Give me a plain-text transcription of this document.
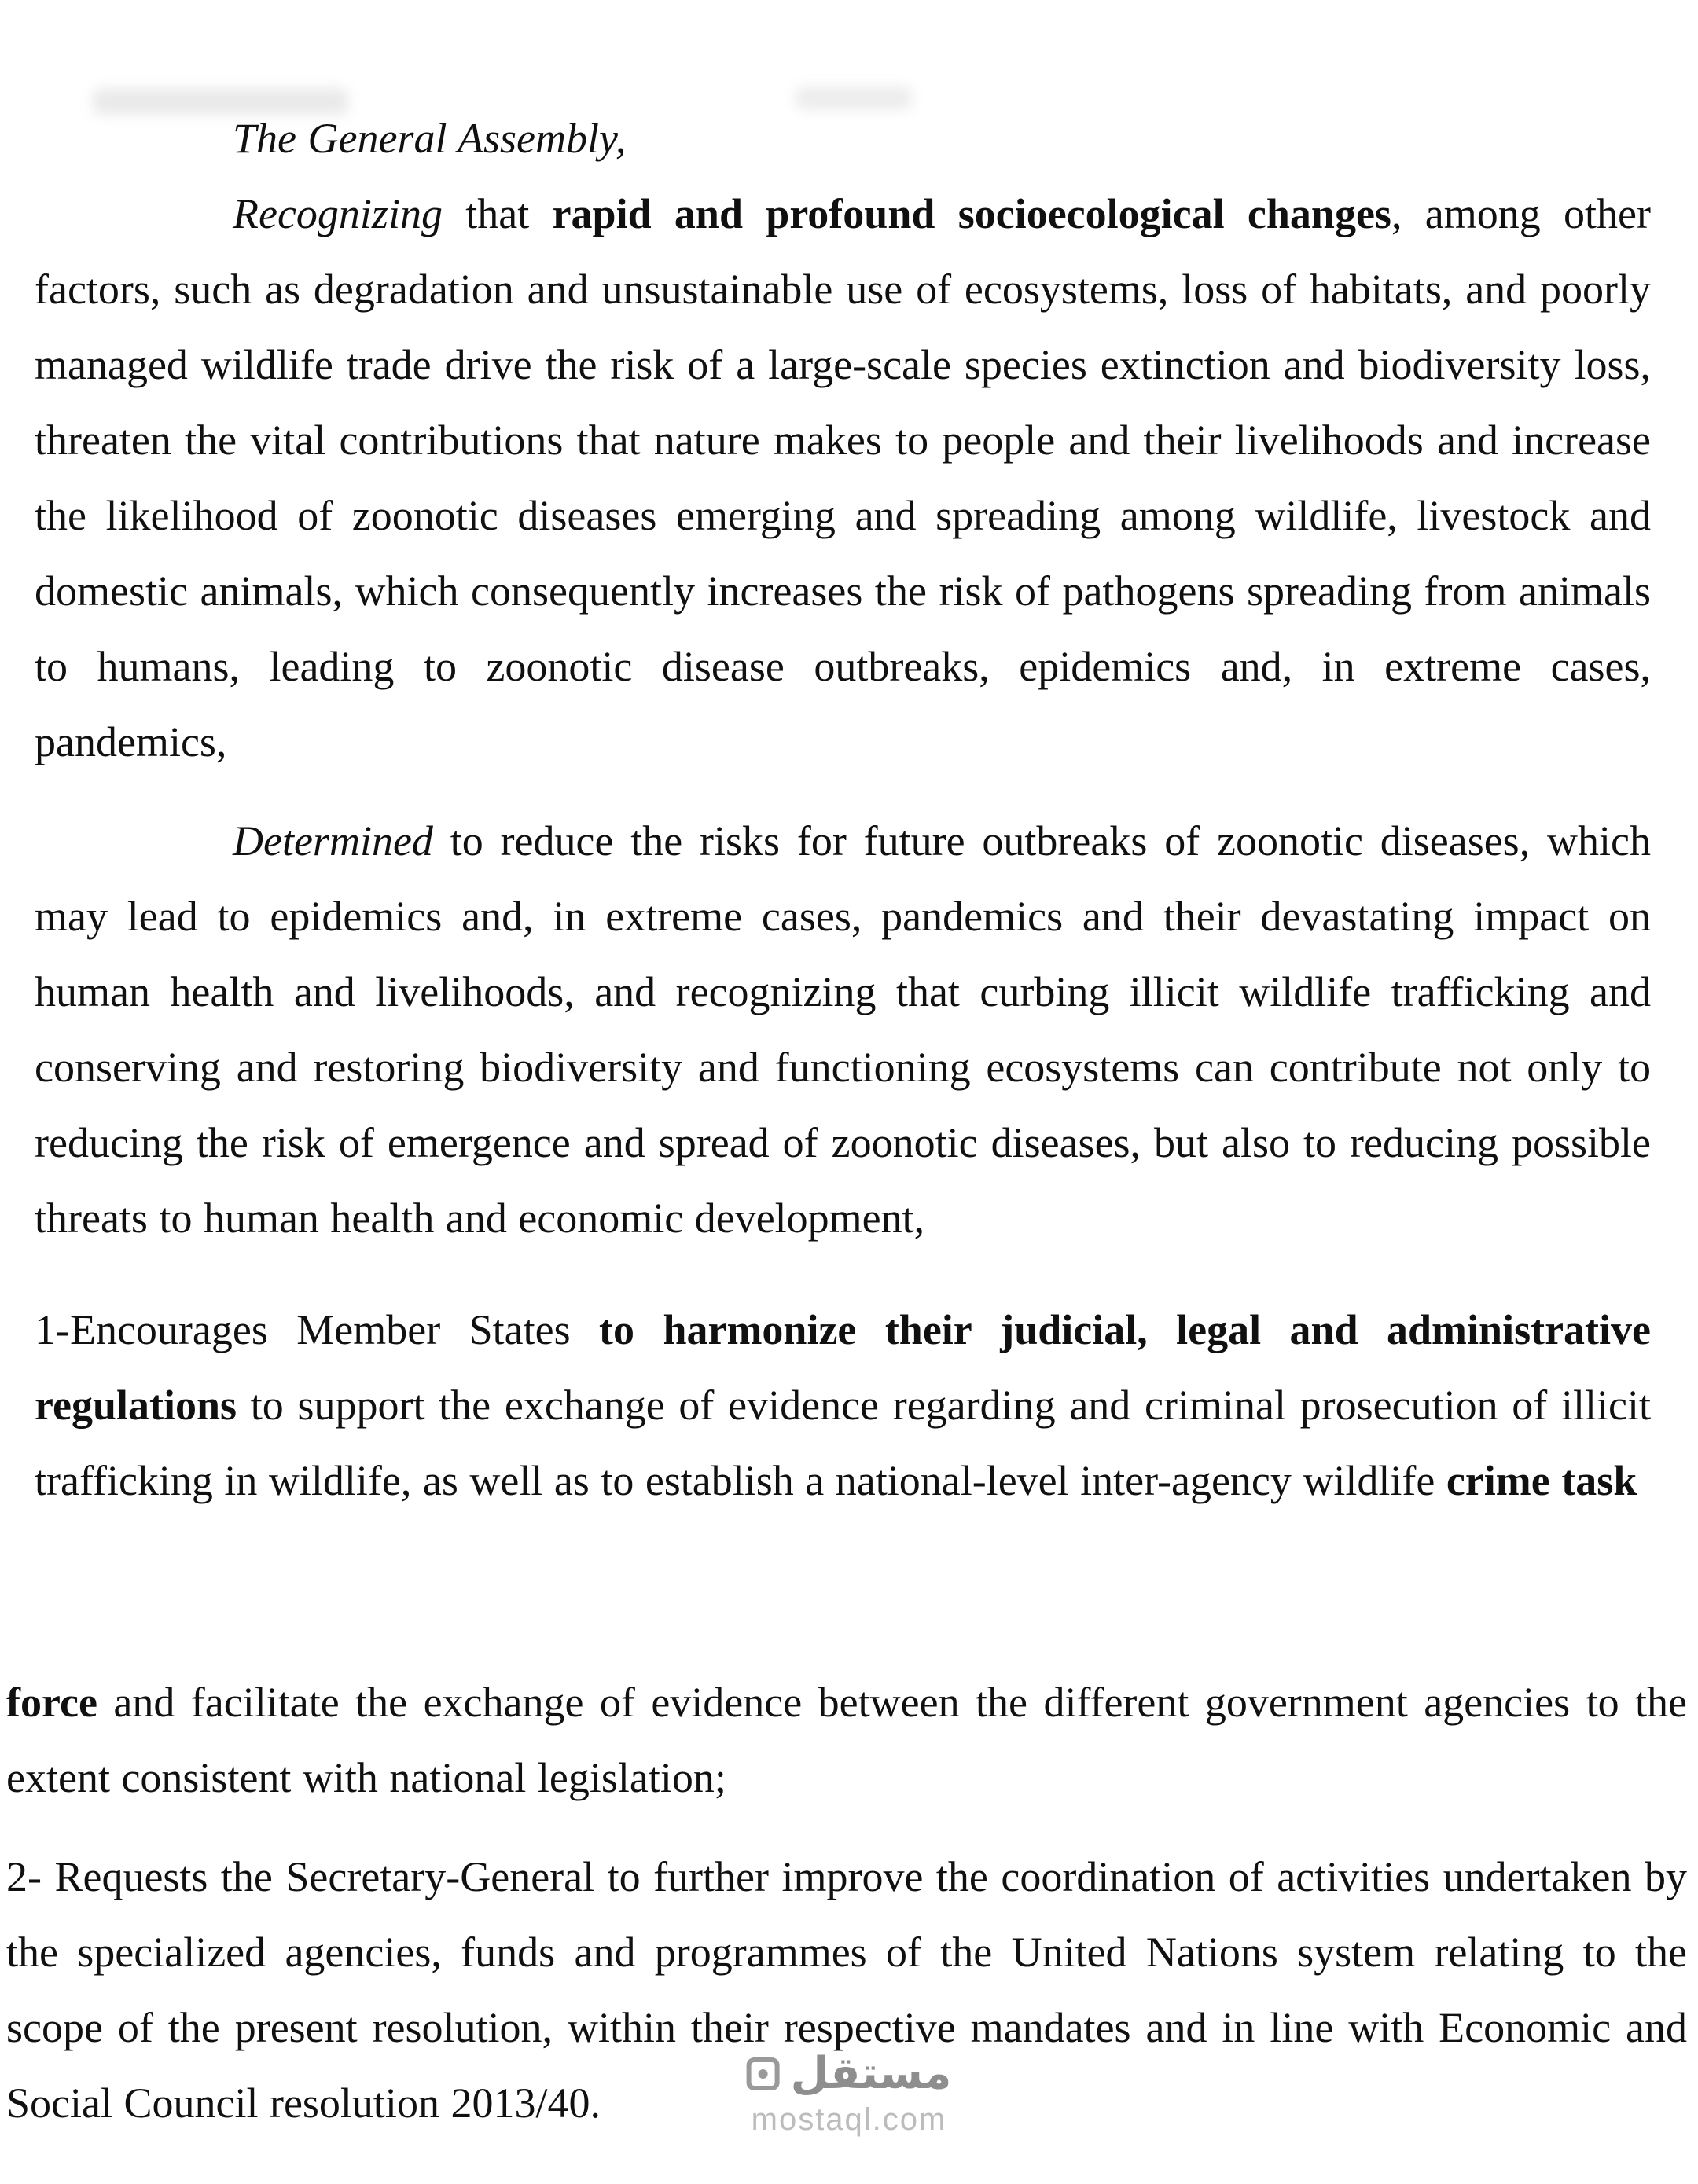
The General Assembly,

Recognizing that rapid and profound socioecological changes, among other factors, such as degradation and unsustainable use of ecosystems, loss of habitats, and poorly managed wildlife trade drive the risk of a large-scale species extinction and biodiversity loss, threaten the vital contributions that nature makes to people and their livelihoods and increase the likelihood of zoonotic diseases emerging and spreading among wildlife, livestock and domestic animals, which consequently increases the risk of pathogens spreading from animals to humans, leading to zoonotic disease outbreaks, epidemics and, in extreme cases, pandemics,

Determined to reduce the risks for future outbreaks of zoonotic diseases, which may lead to epidemics and, in extreme cases, pandemics and their devastating impact on human health and livelihoods, and recognizing that curbing illicit wildlife trafficking and conserving and restoring biodiversity and functioning ecosystems can contribute not only to reducing the risk of emergence and spread of zoonotic diseases, but also to reducing possible threats to human health and economic development,

1-Encourages Member States to harmonize their judicial, legal and administrative regulations to support the exchange of evidence regarding and criminal prosecution of illicit trafficking in wildlife, as well as to establish a national-level inter-agency wildlife crime task

force and facilitate the exchange of evidence between the different government agencies to the extent consistent with national legislation;

2- Requests the Secretary-General to further improve the coordination of activities undertaken by the specialized agencies, funds and programmes of the United Nations system relating to the scope of the present resolution, within their respective mandates and in line with Economic and Social Council resolution 2013/40.

مستقل
mostaql.com
